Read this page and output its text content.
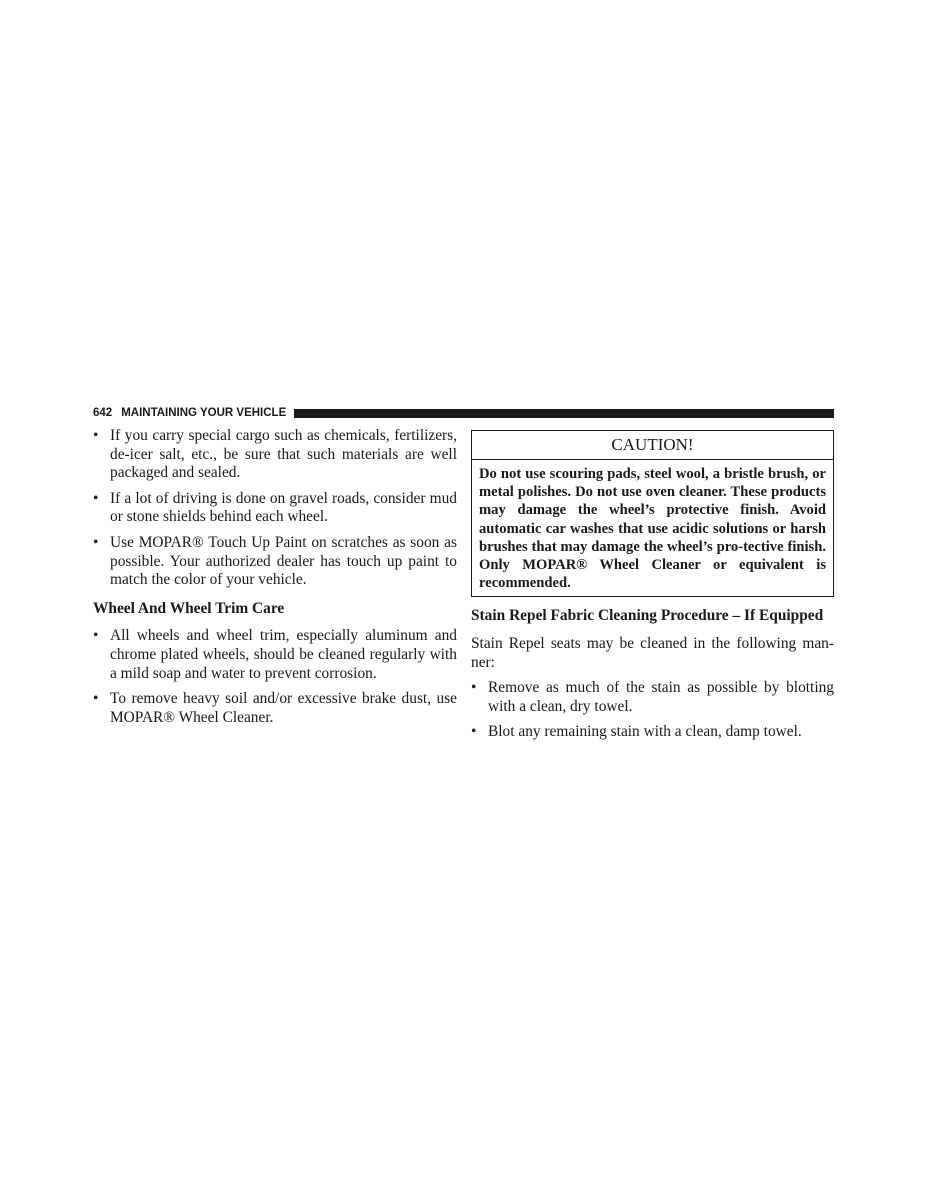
642 MAINTAINING YOUR VEHICLE
• If you carry special cargo such as chemicals, fertilizers, de-icer salt, etc., be sure that such materials are well packaged and sealed.
• If a lot of driving is done on gravel roads, consider mud or stone shields behind each wheel.
• Use MOPAR® Touch Up Paint on scratches as soon as possible. Your authorized dealer has touch up paint to match the color of your vehicle.
Wheel And Wheel Trim Care
• All wheels and wheel trim, especially aluminum and chrome plated wheels, should be cleaned regularly with a mild soap and water to prevent corrosion.
• To remove heavy soil and/or excessive brake dust, use MOPAR® Wheel Cleaner.
CAUTION!
Do not use scouring pads, steel wool, a bristle brush, or metal polishes. Do not use oven cleaner. These products may damage the wheel’s protective finish. Avoid automatic car washes that use acidic solutions or harsh brushes that may damage the wheel’s pro-tective finish. Only MOPAR® Wheel Cleaner or equivalent is recommended.
Stain Repel Fabric Cleaning Procedure – If Equipped
Stain Repel seats may be cleaned in the following man-ner:
• Remove as much of the stain as possible by blotting with a clean, dry towel.
• Blot any remaining stain with a clean, damp towel.
